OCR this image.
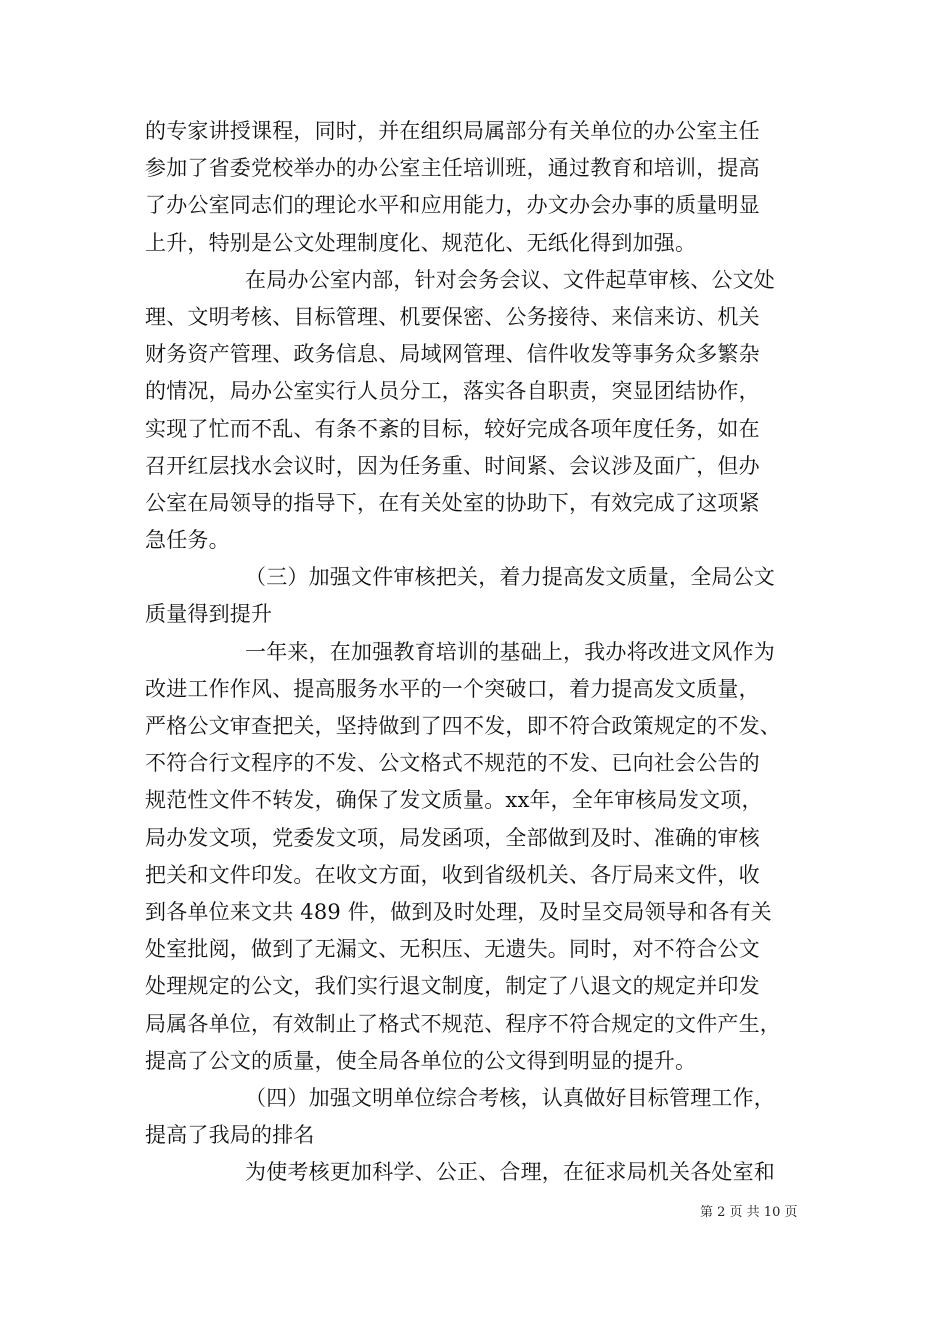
的专家讲授课程，同时，并在组织局属部分有关单位的办公室主任
参加了省委党校举办的办公室主任培训班，通过教育和培训，提高
了办公室同志们的理论水平和应用能力，办文办会办事的质量明显
上升，特别是公文处理制度化、规范化、无纸化得到加强。
在局办公室内部，针对会务会议、文件起草审核、公文处
理、文明考核、目标管理、机要保密、公务接待、来信来访、机关
财务资产管理、政务信息、局域网管理、信件收发等事务众多繁杂
的情况，局办公室实行人员分工，落实各自职责，突显团结协作，
实现了忙而不乱、有条不紊的目标，较好完成各项年度任务，如在
召开红层找水会议时，因为任务重、时间紧、会议涉及面广，但办
公室在局领导的指导下，在有关处室的协助下，有效完成了这项紧
急任务。
（三）加强文件审核把关，着力提高发文质量，全局公文
质量得到提升
一年来，在加强教育培训的基础上，我办将改进文风作为
改进工作作风、提高服务水平的一个突破口，着力提高发文质量，
严格公文审查把关，坚持做到了四不发，即不符合政策规定的不发、
不符合行文程序的不发、公文格式不规范的不发、已向社会公告的
规范性文件不转发，确保了发文质量。xx年，全年审核局发文项，
局办发文项，党委发文项，局发函项，全部做到及时、准确的审核
把关和文件印发。在收文方面，收到省级机关、各厅局来文件，收
到各单位来文共 489 件，做到及时处理，及时呈交局领导和各有关
处室批阅，做到了无漏文、无积压、无遗失。同时，对不符合公文
处理规定的公文，我们实行退文制度，制定了八退文的规定并印发
局属各单位，有效制止了格式不规范、程序不符合规定的文件产生，
提高了公文的质量，使全局各单位的公文得到明显的提升。
（四）加强文明单位综合考核，认真做好目标管理工作，
提高了我局的排名
为使考核更加科学、公正、合理，在征求局机关各处室和
第 2 页 共 10 页
